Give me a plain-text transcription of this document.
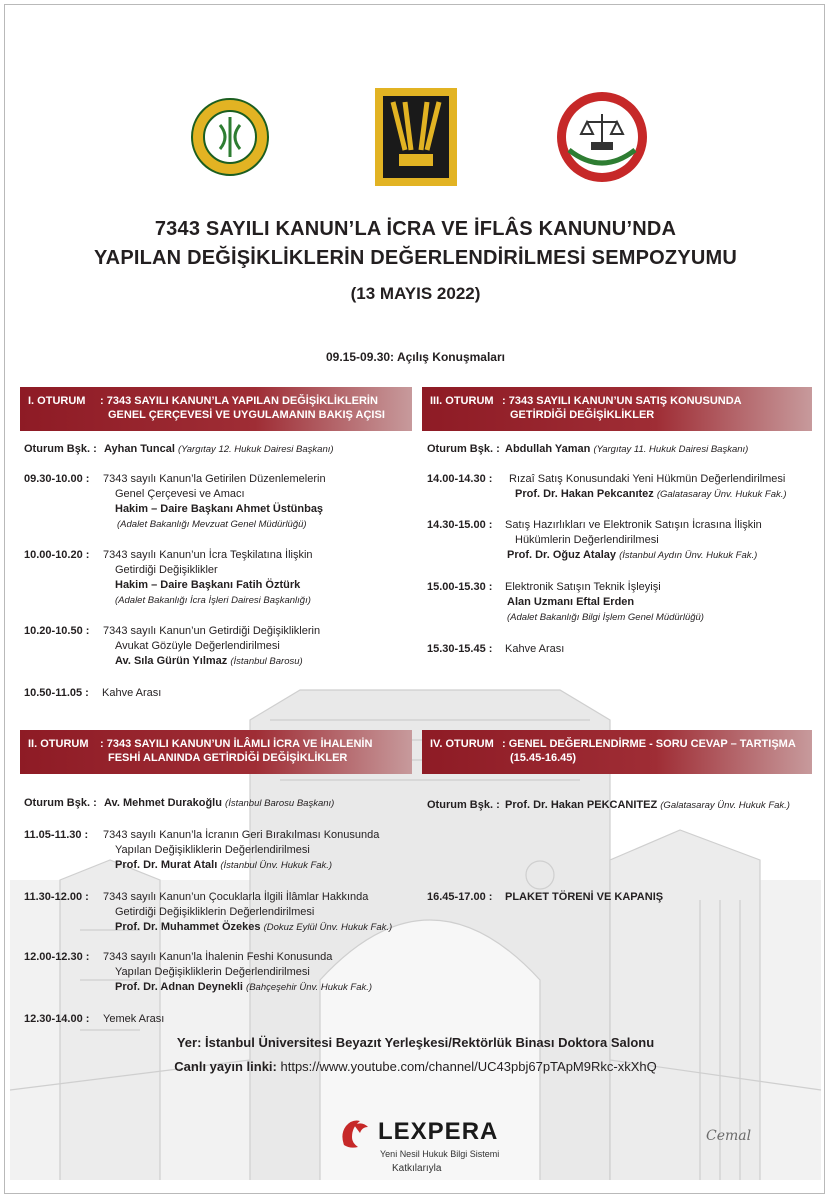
7343 SAYILI KANUN’LA İCRA VE İFLÂS KANUNU’NDA
YAPILAN DEĞİŞİKLİKLERİN DEĞERLENDİRİLMESİ SEMPOZYUMU
(13 MAYIS 2022)
09.15-09.30: Açılış Konuşmaları
I. OTURUM : 7343 SAYILI KANUN’LA YAPILAN DEĞİŞİKLİKLERİN
GENEL ÇERÇEVESİ VE UYGULAMANIN BAKIŞ AÇISI
Oturum Bşk. : Ayhan Tuncal (Yargıtay 12. Hukuk Dairesi Başkanı)
09.30-10.00 : 7343 sayılı Kanun’la Getirilen Düzenlemelerin
Genel Çerçevesi ve Amacı
Hakim – Daire Başkanı Ahmet Üstünbaş
(Adalet Bakanlığı Mevzuat Genel Müdürlüğü)
10.00-10.20 : 7343 sayılı Kanun’un İcra Teşkilatına İlişkin
Getirdiği Değişiklikler
Hakim – Daire Başkanı Fatih Öztürk
(Adalet Bakanlığı İcra İşleri Dairesi Başkanlığı)
10.20-10.50 : 7343 sayılı Kanun’un Getirdiği Değişikliklerin
Avukat Gözüyle Değerlendirilmesi
Av. Sıla Gürün Yılmaz (İstanbul Barosu)
10.50-11.05 : Kahve Arası
III. OTURUM : 7343 SAYILI KANUN’UN SATIŞ KONUSUNDA
GETİRDİĞİ DEĞİŞİKLİKLER
Oturum Bşk. : Abdullah Yaman (Yargıtay 11. Hukuk Dairesi Başkanı)
14.00-14.30 : Rızaî Satış Konusundaki Yeni Hükmün Değerlendirilmesi
Prof. Dr. Hakan Pekcanıtez (Galatasaray Ünv. Hukuk Fak.)
14.30-15.00 : Satış Hazırlıkları ve Elektronik Satışın İcrasına İlişkin
Hükümlerin Değerlendirilmesi
Prof. Dr. Oğuz Atalay (İstanbul Aydın Ünv. Hukuk Fak.)
15.00-15.30 : Elektronik Satışın Teknik İşleyişi
Alan Uzmanı Eftal Erden
(Adalet Bakanlığı Bilgi İşlem Genel Müdürlüğü)
15.30-15.45 : Kahve Arası
II. OTURUM : 7343 SAYILI KANUN’UN İLÂMLI İCRA VE İHALENİN
FESHİ ALANINDA GETİRDİĞİ DEĞİŞİKLİKLER
Oturum Bşk. : Av. Mehmet Durakoğlu (İstanbul Barosu Başkanı)
11.05-11.30 : 7343 sayılı Kanun’la İcranın Geri Bırakılması Konusunda
Yapılan Değişikliklerin Değerlendirilmesi
Prof. Dr. Murat Atalı (İstanbul Ünv. Hukuk Fak.)
11.30-12.00 : 7343 sayılı Kanun’un Çocuklarla İlgili İlâmlar Hakkında
Getirdiği Değişikliklerin Değerlendirilmesi
Prof. Dr. Muhammet Özekes (Dokuz Eylül Ünv. Hukuk Fak.)
12.00-12.30 : 7343 sayılı Kanun’la İhalenin Feshi Konusunda
Yapılan Değişikliklerin Değerlendirilmesi
Prof. Dr. Adnan Deynekli (Bahçeşehir Ünv. Hukuk Fak.)
12.30-14.00 : Yemek Arası
IV. OTURUM : GENEL DEĞERLENDİRME - SORU CEVAP – TARTIŞMA
(15.45-16.45)
Oturum Bşk. : Prof. Dr. Hakan PEKCANITEZ (Galatasaray Ünv. Hukuk Fak.)
16.45-17.00 : PLAKET TÖRENİ VE KAPANIŞ
Yer: İstanbul Üniversitesi Beyazıt Yerleşkesi/Rektörlük Binası Doktora Salonu
Canlı yayın linki: https://www.youtube.com/channel/UC43pbj67pTApM9Rkc-xkXhQ
LEXPERA
Yeni Nesil Hukuk Bilgi Sistemi
Katkılarıyla
Cemal
